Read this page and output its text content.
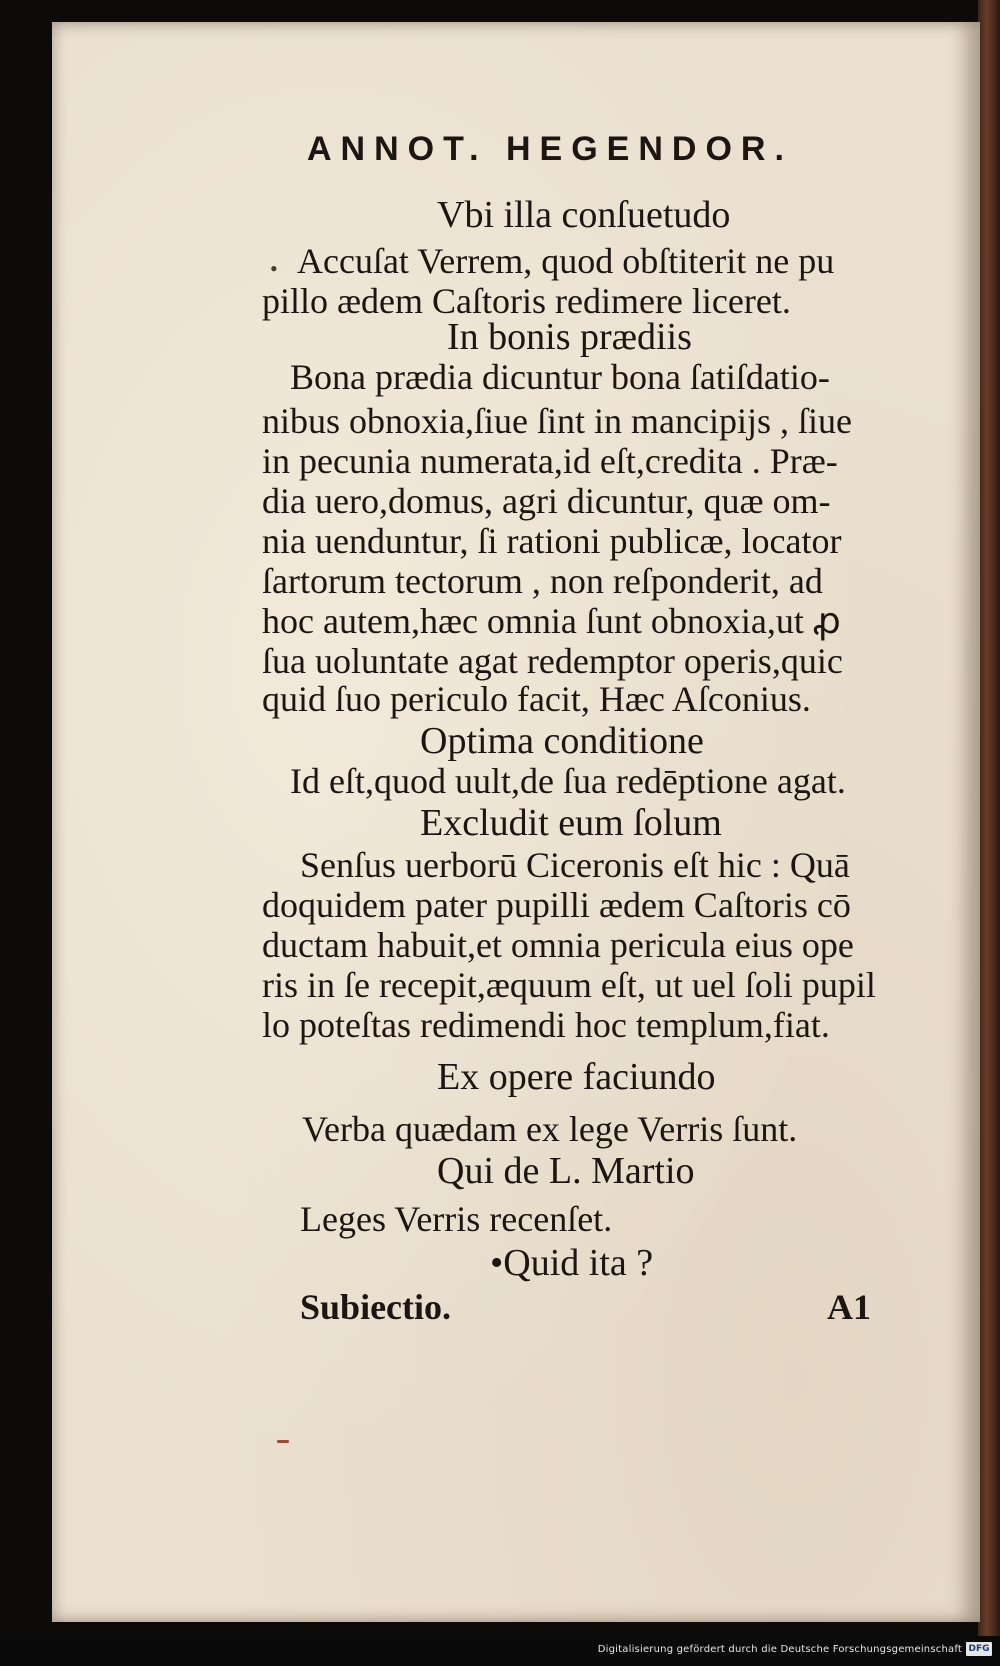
ANNOT. HEGENDOR.
Vbi illa conſuetudo
• Accuſat Verrem, quod obſtiterit ne pu
pillo ædem Caſtoris redimere liceret.
In bonis prædiis
Bona prædia dicuntur bona ſatiſdatio-
nibus obnoxia,ſiue ſint in mancipijs , ſiue
in pecunia numerata,id eſt,credita . Præ-
dia uero,domus, agri dicuntur, quæ om-
nia uenduntur, ſi rationi publicæ, locator
ſartorum tectorum , non reſponderit, ad
hoc autem,hæc omnia ſunt obnoxia,ut ꝓ
ſua uoluntate agat redemptor operis,quic
quid ſuo periculo facit, Hæc Aſconius.
Optima conditione
Id eſt,quod uult,de ſua redēptione agat.
Excludit eum ſolum
Senſus uerborū Ciceronis eſt hic : Quā
doquidem pater pupilli ædem Caſtoris cō
ductam habuit,et omnia pericula eius ope
ris in ſe recepit,æquum eſt, ut uel ſoli pupil
lo poteſtas redimendi hoc templum,fiat.
Ex opere faciundo
Verba quædam ex lege Verris ſunt.
Qui de L. Martio
Leges Verris recenſet.
•Quid ita ?
Subiectio.	A1
Digitalisierung gefördert durch die Deutsche Forschungsgemeinschaft DFG
